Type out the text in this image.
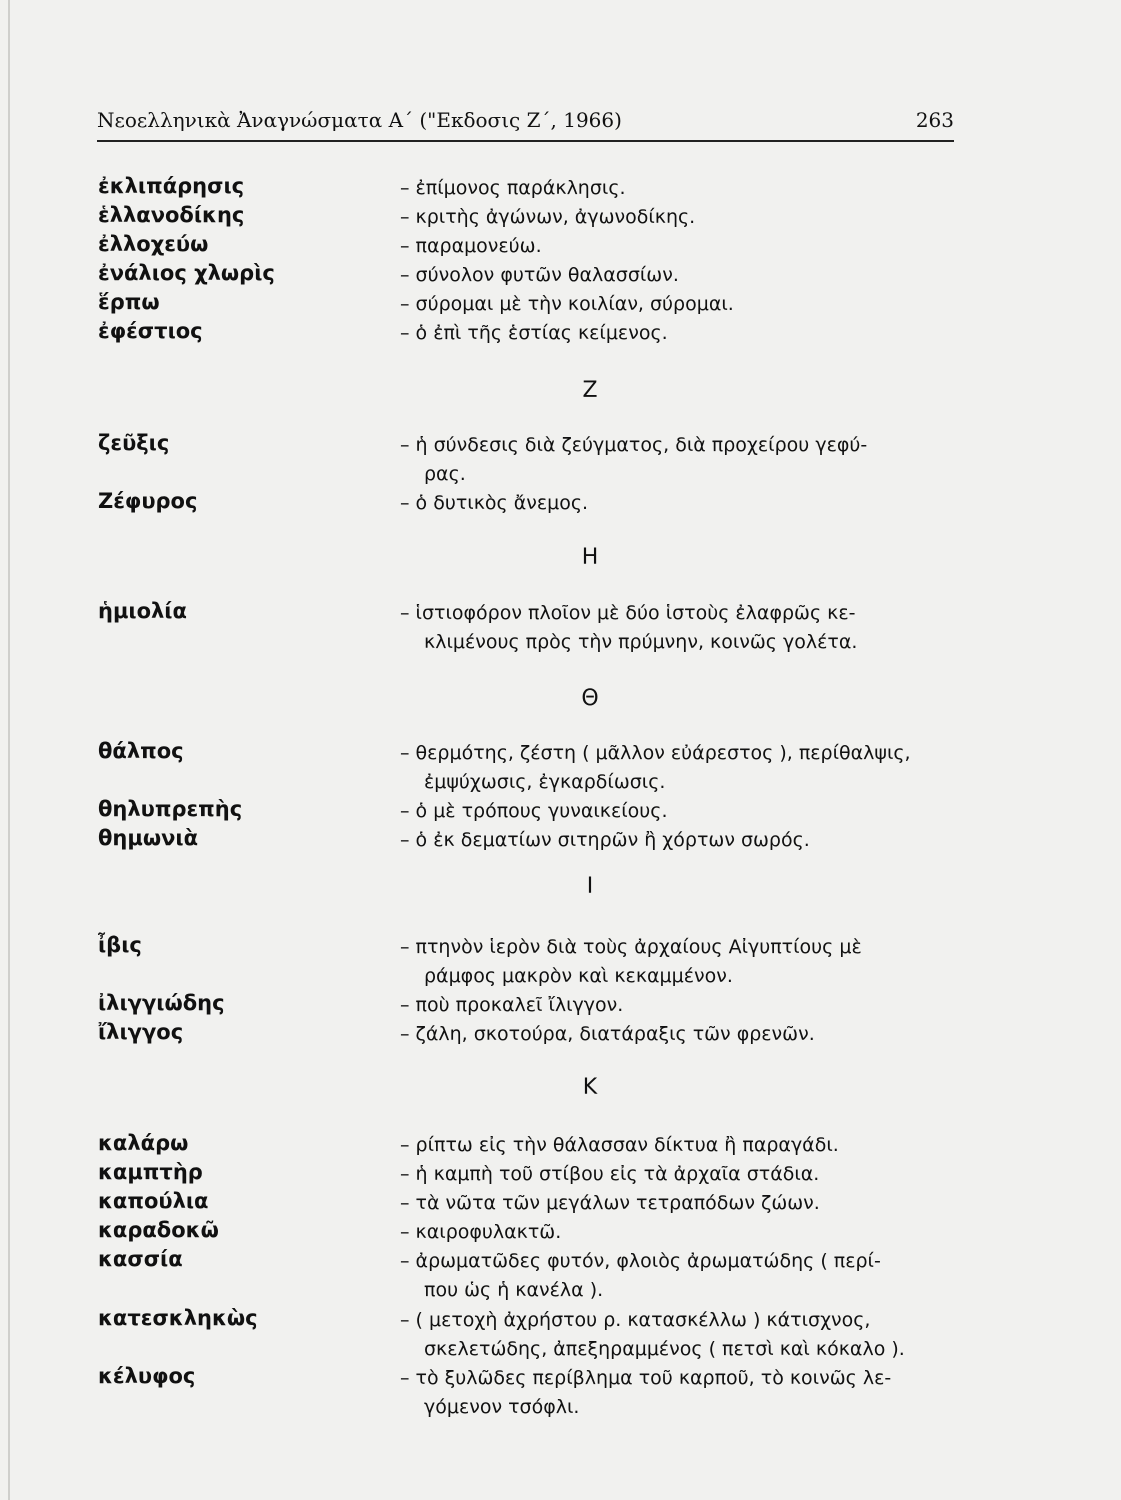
Νεοελληνικὰ Ἀναγνώσματα Α΄ ("Εκδοσις Ζ΄, 1966)	263
ἐκλιπάρησις	– ἐπίμονος παράκλησις.
ἑλλανοδίκης	– κριτὴς ἀγώνων, ἀγωνοδίκης.
ἐλλοχεύω	– παραμονεύω.
ἐνάλιος χλωρὶς	– σύνολον φυτῶν θαλασσίων.
ἕρπω	– σύρομαι μὲ τὴν κοιλίαν, σύρομαι.
ἐφέστιος	– ὁ ἐπὶ τῆς ἑστίας κείμενος.
Ζ
ζεῦξις	– ἡ σύνδεσις διὰ ζεύγματος, διὰ προχείρου γεφύ-
ρας.
Ζέφυρος	– ὁ δυτικὸς ἄνεμος.
Η
ἡμιολία	– ἱστιοφόρον πλοῖον μὲ δύο ἱστοὺς ἐλαφρῶς κε-
κλιμένους πρὸς τὴν πρύμνην, κοινῶς γολέτα.
Θ
θάλπος	– θερμότης, ζέστη ( μᾶλλον εὐάρεστος ), περίθαλψις,
ἐμψύχωσις, ἐγκαρδίωσις.
θηλυπρεπὴς	– ὁ μὲ τρόπους γυναικείους.
θημωνιὰ	– ὁ ἐκ δεματίων σιτηρῶν ἢ χόρτων σωρός.
Ι
ἶβις	– πτηνὸν ἱερὸν διὰ τοὺς ἀρχαίους Αἰγυπτίους μὲ
ράμφος μακρὸν καὶ κεκαμμένον.
ἰλιγγιώδης	– ποὺ προκαλεῖ ἴλιγγον.
ἴλιγγος	– ζάλη, σκοτούρα, διατάραξις τῶν φρενῶν.
Κ
καλάρω	– ρίπτω εἰς τὴν θάλασσαν δίκτυα ἢ παραγάδι.
καμπτὴρ	– ἡ καμπὴ τοῦ στίβου εἰς τὰ ἀρχαῖα στάδια.
καπούλια	– τὰ νῶτα τῶν μεγάλων τετραπόδων ζώων.
καραδοκῶ	– καιροφυλακτῶ.
κασσία	– ἀρωματῶδες φυτόν, φλοιὸς ἀρωματώδης ( περί-
που ὡς ἡ κανέλα ).
κατεσκληκὼς	– ( μετοχὴ ἀχρήστου ρ. κατασκέλλω ) κάτισχνος,
σκελετώδης, ἀπεξηραμμένος ( πετσὶ καὶ κόκαλο ).
κέλυφος	– τὸ ξυλῶδες περίβλημα τοῦ καρποῦ, τὸ κοινῶς λε-
γόμενον τσόφλι.
